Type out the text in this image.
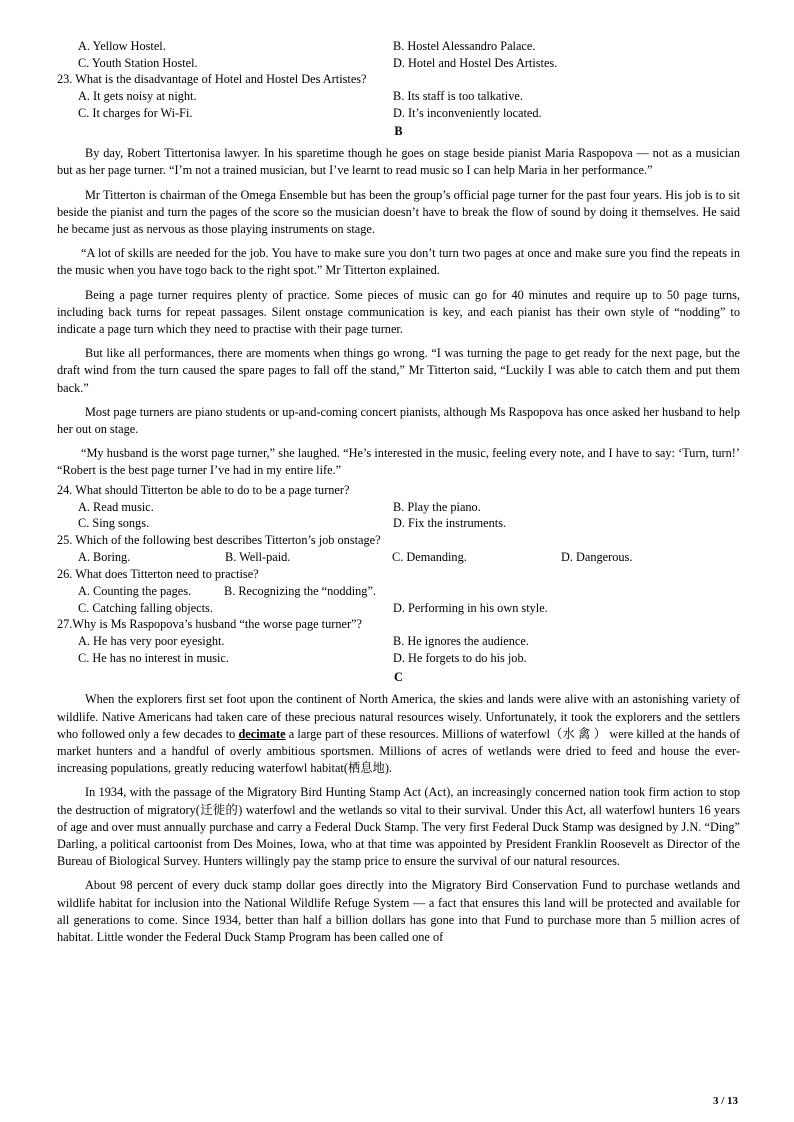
A. Yellow Hostel.	B. Hostel Alessandro Palace.
C. Youth Station Hostel.	D. Hotel and Hostel Des Artistes.
23. What is the disadvantage of Hotel and Hostel Des Artistes?
A. It gets noisy at night.	B. Its staff is too talkative.
C. It charges for Wi-Fi.	D. It’s inconveniently located.
B

By day, Robert Tittertonisa lawyer. In his sparetime though he goes on stage beside pianist Maria Raspopova — not as a musician but as her page turner. “I’m not a trained musician, but I’ve learnt to read music so I can help Maria in her performance.”

Mr Titterton is chairman of the Omega Ensemble but has been the group’s official page turner for the past four years. His job is to sit beside the pianist and turn the pages of the score so the musician doesn’t have to break the flow of sound by doing it themselves. He said he became just as nervous as those playing instruments on stage.

“A lot of skills are needed for the job. You have to make sure you don’t turn two pages at once and make sure you find the repeats in the music when you have togo back to the right spot.” Mr Titterton explained.

Being a page turner requires plenty of practice. Some pieces of music can go for 40 minutes and require up to 50 page turns, including back turns for repeat passages. Silent onstage communication is key, and each pianist has their own style of “nodding” to indicate a page turn which they need to practise with their page turner.

But like all performances, there are moments when things go wrong. “I was turning the page to get ready for the next page, but the draft wind from the turn caused the spare pages to fall off the stand,” Mr Titterton said, “Luckily I was able to catch them and put them back.”

Most page turners are piano students or up-and-coming concert pianists, although Ms Raspopova has once asked her husband to help her out on stage.

“My husband is the worst page turner,” she laughed. “He’s interested in the music, feeling every note, and I have to say: ‘Turn, turn!’ “Robert is the best page turner I’ve had in my entire life.”

24. What should Titterton be able to do to be a page turner?
A. Read music.	B. Play the piano.
C. Sing songs.	D. Fix the instruments.
25. Which of the following best describes Titterton’s job onstage?
A. Boring.	B. Well-paid.	C. Demanding.	D. Dangerous.
26. What does Titterton need to practise?
A. Counting the pages.	B. Recognizing the “nodding”.
C. Catching falling objects.	D. Performing in his own style.
27.Why is Ms Raspopova’s husband “the worse page turner”?
A. He has very poor eyesight.	B. He ignores the audience.
C. He has no interest in music.	D. He forgets to do his job.
C

When the explorers first set foot upon the continent of North America, the skies and lands were alive with an astonishing variety of wildlife. Native Americans had taken care of these precious natural resources wisely. Unfortunately, it took the explorers and the settlers who followed only a few decades to decimate a large part of these resources. Millions of waterfowl（水 禽 ） were killed at the hands of market hunters and a handful of overly ambitious sportsmen. Millions of acres of wetlands were dried to feed and house the ever-increasing populations, greatly reducing waterfowl habitat(栖息地).

In 1934, with the passage of the Migratory Bird Hunting Stamp Act (Act), an increasingly concerned nation took firm action to stop the destruction of migratory(迁徙的) waterfowl and the wetlands so vital to their survival. Under this Act, all waterfowl hunters 16 years of age and over must annually purchase and carry a Federal Duck Stamp. The very first Federal Duck Stamp was designed by J.N. “Ding” Darling, a political cartoonist from Des Moines, Iowa, who at that time was appointed by President Franklin Roosevelt as Director of the Bureau of Biological Survey. Hunters willingly pay the stamp price to ensure the survival of our natural resources.

About 98 percent of every duck stamp dollar goes directly into the Migratory Bird Conservation Fund to purchase wetlands and wildlife habitat for inclusion into the National Wildlife Refuge System — a fact that ensures this land will be protected and available for all generations to come. Since 1934, better than half a billion dollars has gone into that Fund to purchase more than 5 million acres of habitat. Little wonder the Federal Duck Stamp Program has been called one of

3 / 13
